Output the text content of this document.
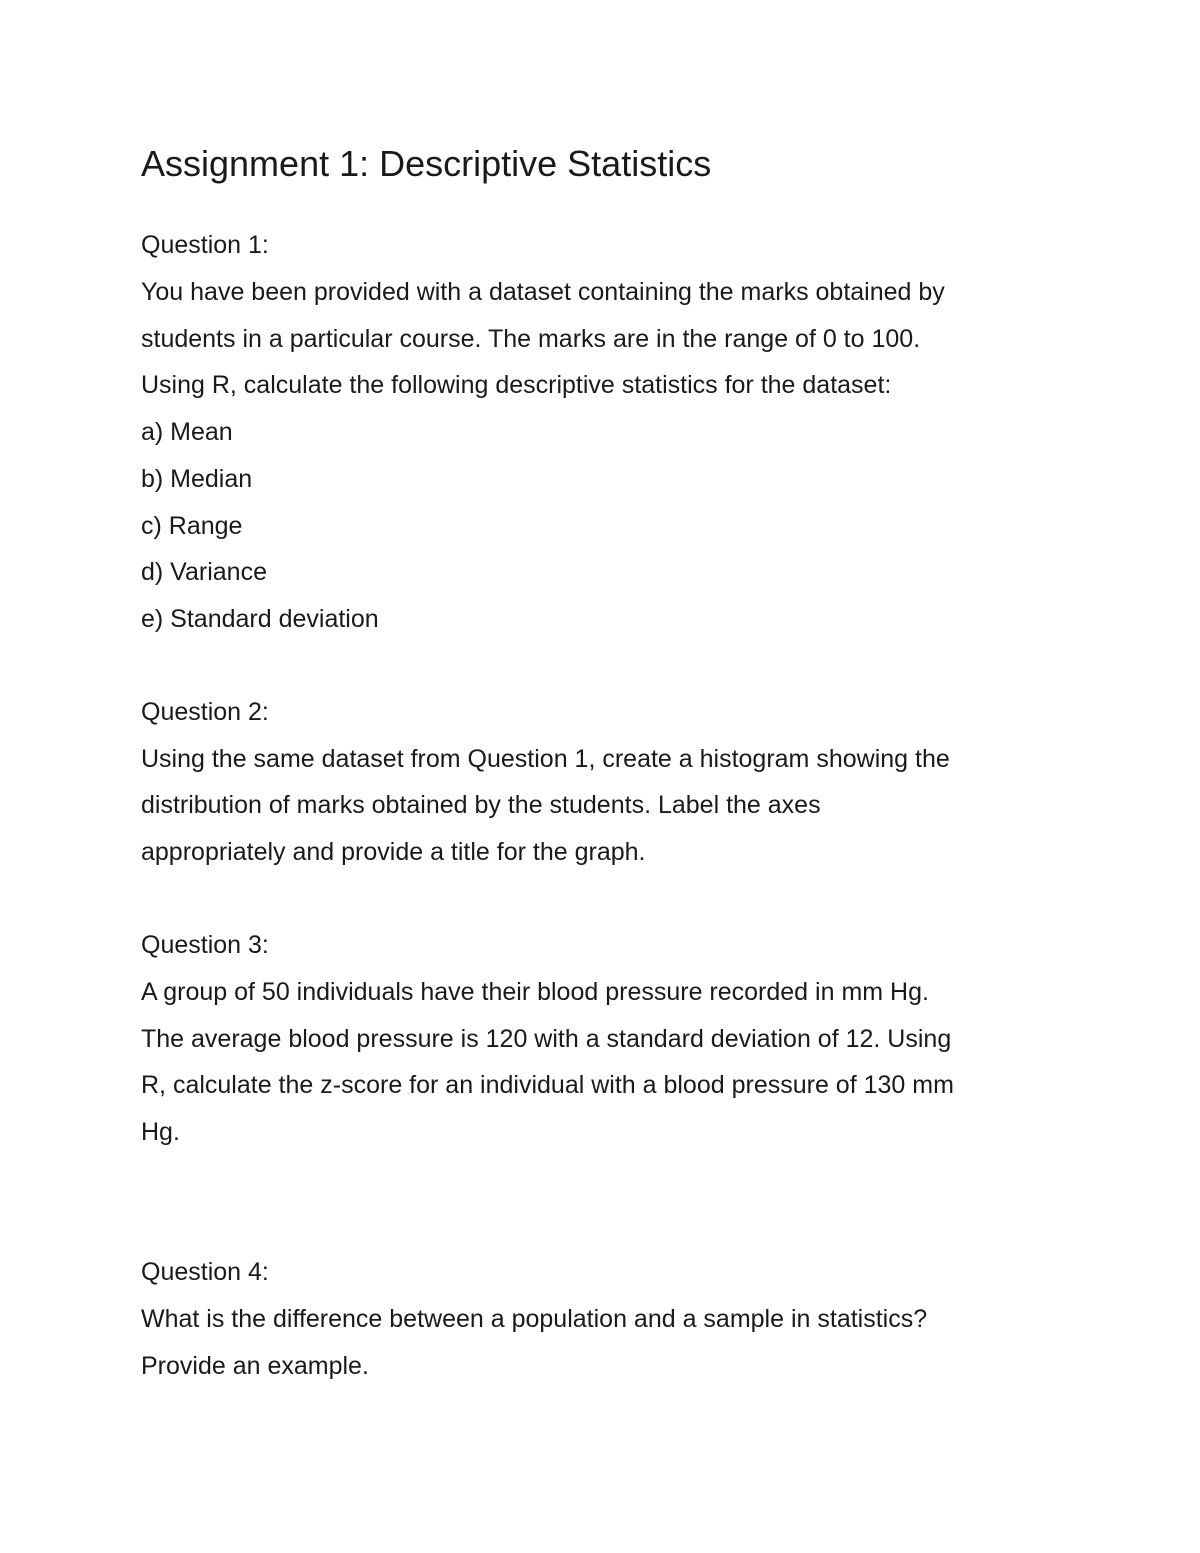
Assignment 1: Descriptive Statistics

Question 1:

You have been provided with a dataset containing the marks obtained by

students in a particular course. The marks are in the range of 0 to 100.

Using R, calculate the following descriptive statistics for the dataset:

a) Mean

b) Median

c) Range

d) Variance

e) Standard deviation

Question 2:

Using the same dataset from Question 1, create a histogram showing the

distribution of marks obtained by the students. Label the axes

appropriately and provide a title for the graph.

Question 3:

A group of 50 individuals have their blood pressure recorded in mm Hg.

The average blood pressure is 120 with a standard deviation of 12. Using

R, calculate the z-score for an individual with a blood pressure of 130 mm

Hg.

Question 4:

What is the difference between a population and a sample in statistics?

Provide an example.
